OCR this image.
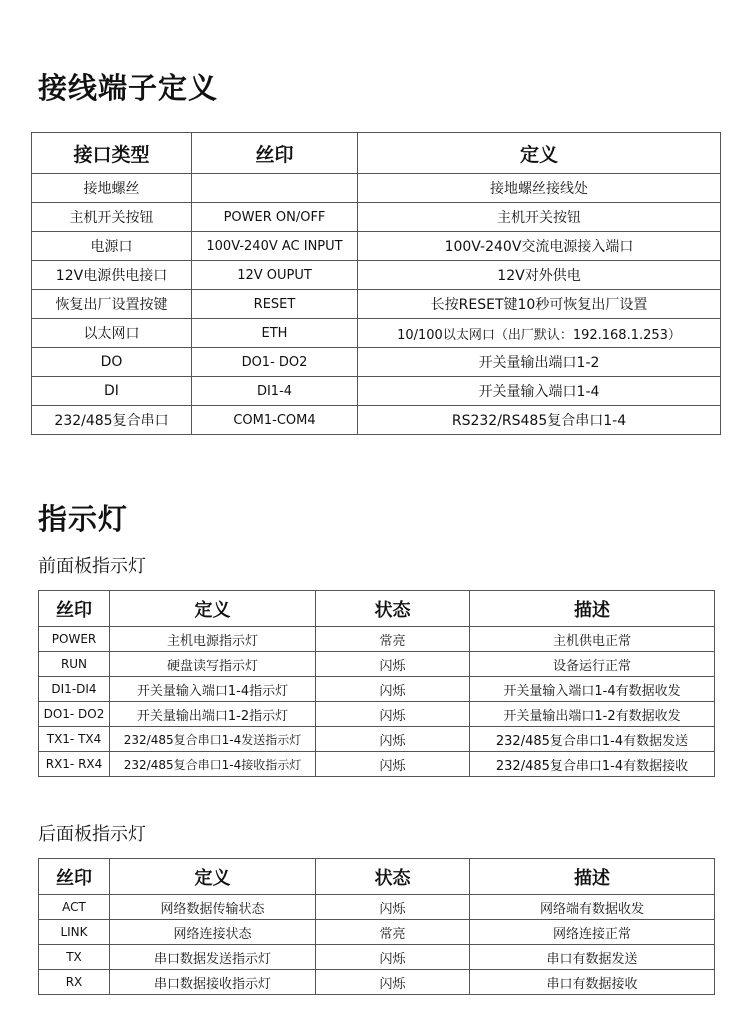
接线端子定义
接口类型	丝印	定义
接地螺丝		接地螺丝接线处
主机开关按钮	POWER ON/OFF	主机开关按钮
电源口	100V-240V AC INPUT	100V-240V交流电源接入端口
12V电源供电接口	12V OUPUT	12V对外供电
恢复出厂设置按键	RESET	长按RESET键10秒可恢复出厂设置
以太网口	ETH	10/100以太网口（出厂默认：192.168.1.253）
DO	DO1- DO2	开关量输出端口1-2
DI	DI1-4	开关量输入端口1-4
232/485复合串口	COM1-COM4	RS232/RS485复合串口1-4
指示灯
前面板指示灯
丝印	定义	状态	描述
POWER	主机电源指示灯	常亮	主机供电正常
RUN	硬盘读写指示灯	闪烁	设备运行正常
DI1-DI4	开关量输入端口1-4指示灯	闪烁	开关量输入端口1-4有数据收发
DO1- DO2	开关量输出端口1-2指示灯	闪烁	开关量输出端口1-2有数据收发
TX1- TX4	232/485复合串口1-4发送指示灯	闪烁	232/485复合串口1-4有数据发送
RX1- RX4	232/485复合串口1-4接收指示灯	闪烁	232/485复合串口1-4有数据接收
后面板指示灯
丝印	定义	状态	描述
ACT	网络数据传输状态	闪烁	网络端有数据收发
LINK	网络连接状态	常亮	网络连接正常
TX	串口数据发送指示灯	闪烁	串口有数据发送
RX	串口数据接收指示灯	闪烁	串口有数据接收
